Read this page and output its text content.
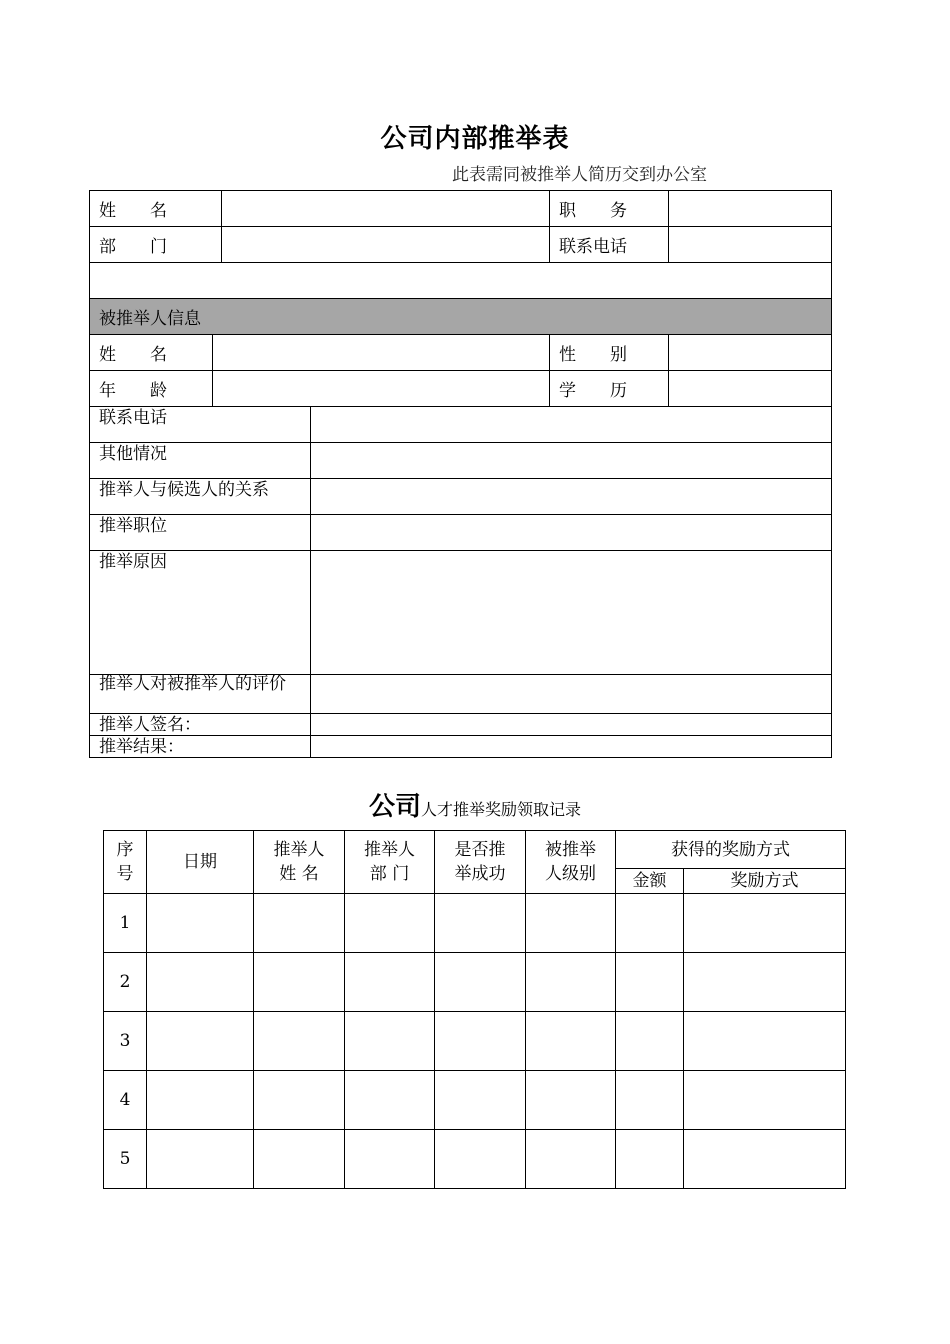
公司内部推举表
此表需同被推举人简历交到办公室
姓　　名				职　　务	
部　　门				联系电话	

被推举人信息					
姓　　名				性　　别	
年　　龄				学　　历	
联系电话					
其他情况					
推举人与候选人的关系					
推举职位					
推举原因					
推举人对被推举人的评价					
推举人签名：					
推举结果：					
公司人才推举奖励领取记录
序号	日期	推举人姓 名	推举人部 门	是否推举成功	被推举人级别	获得的奖励方式	
						金额	奖励方式
1							
2							
3							
4							
5							
